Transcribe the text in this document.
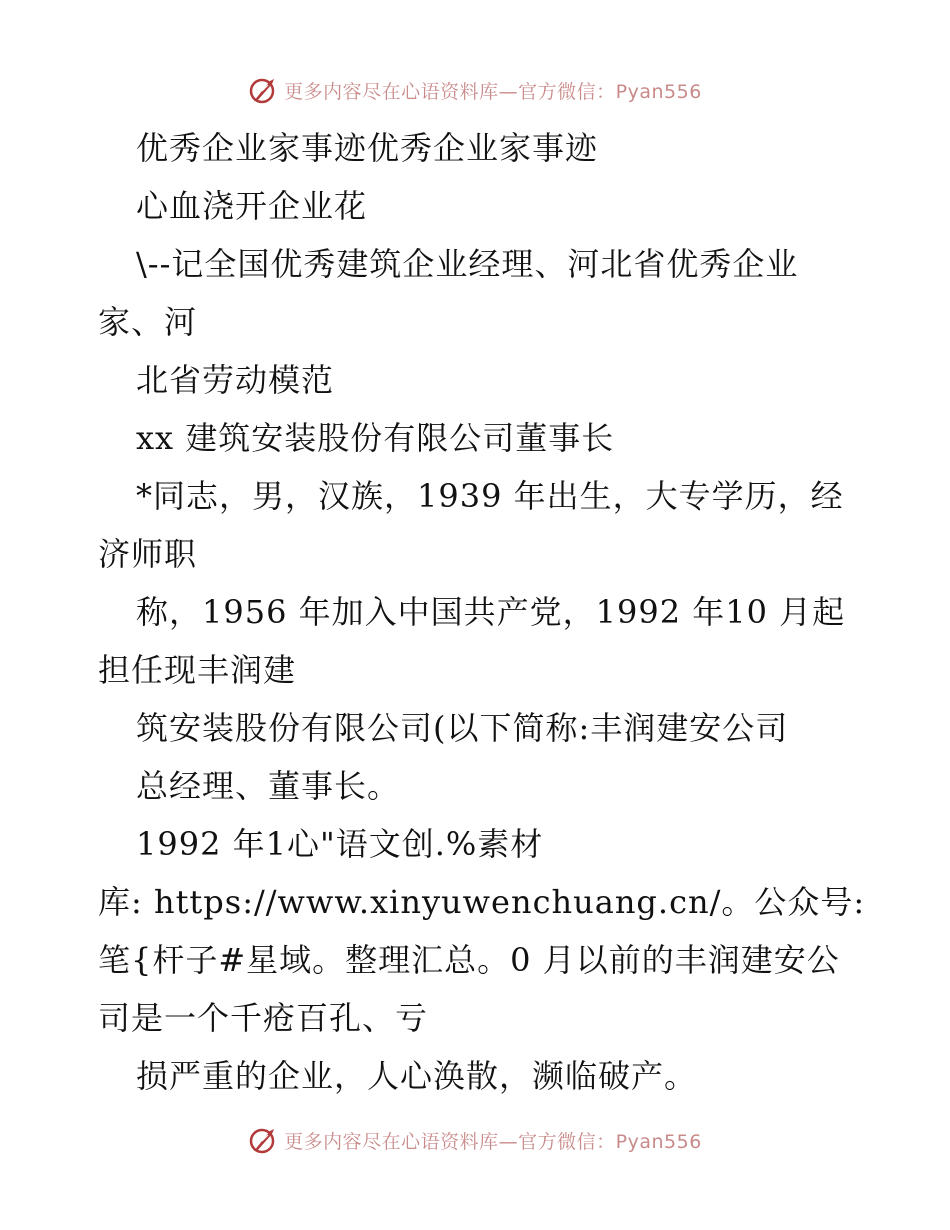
更多内容尽在心语资料库—官方微信：Pyan556

优秀企业家事迹优秀企业家事迹

心血浇开企业花

\--记全国优秀建筑企业经理、河北省优秀企业

家、河

北省劳动模范

xx 建筑安装股份有限公司董事长

*同志，男，汉族，1939 年出生，大专学历，经

济师职

称，1956 年加入中国共产党，1992 年10 月起

担任现丰润建

筑安装股份有限公司(以下简称:丰润建安公司

总经理、董事长。

1992 年1心"语文创.%素材

库: https://www.xinyuwenchuang.cn/。公众号:

笔{杆子#星域。整理汇总。0 月以前的丰润建安公

司是一个千疮百孔、亏

损严重的企业，人心涣散，濒临破产。

更多内容尽在心语资料库—官方微信：Pyan556
